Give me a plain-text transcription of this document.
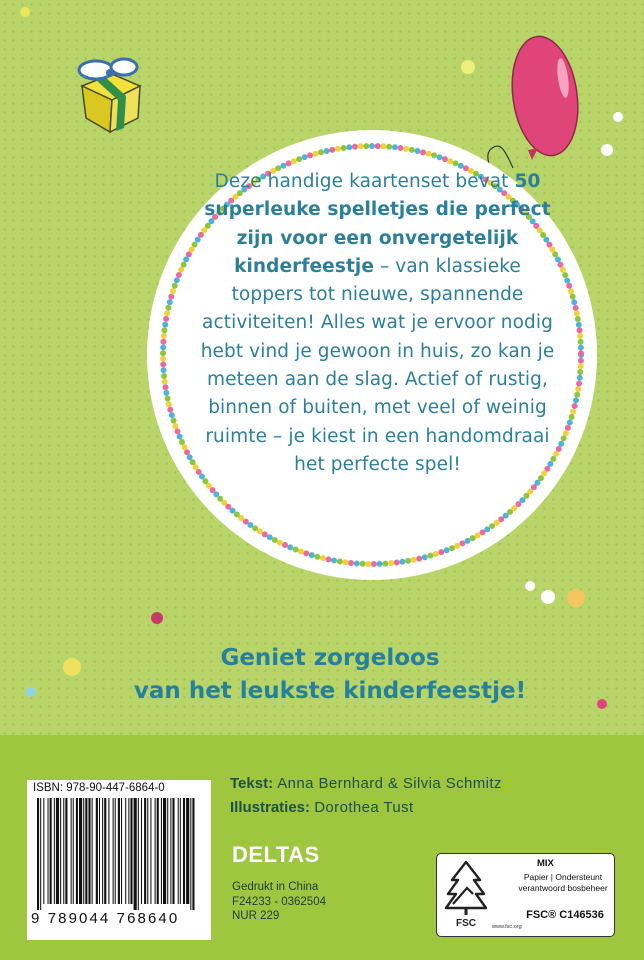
Deze handige kaartenset bevat 50 superleuke spelletjes die perfect zijn voor een onvergetelijk kinderfeestje – van klassieke toppers tot nieuwe, spannende activiteiten! Alles wat je ervoor nodig hebt vind je gewoon in huis, zo kan je meteen aan de slag. Actief of rustig, binnen of buiten, met veel of weinig ruimte – je kiest in een handomdraai het perfecte spel!

Geniet zorgeloos
van het leukste kinderfeestje!
ISBN: 978-90-447-6864-0
9 789044 768640
Tekst: Anna Bernhard & Silvia Schmitz
Illustraties: Dorothea Tust
DELTAS
Gedrukt in China
F24233 - 0362504
NUR 229
FSC	www.fsc.org
MIX
Papier | Ondersteunt
verantwoord bosbeheer
FSC® C146536
